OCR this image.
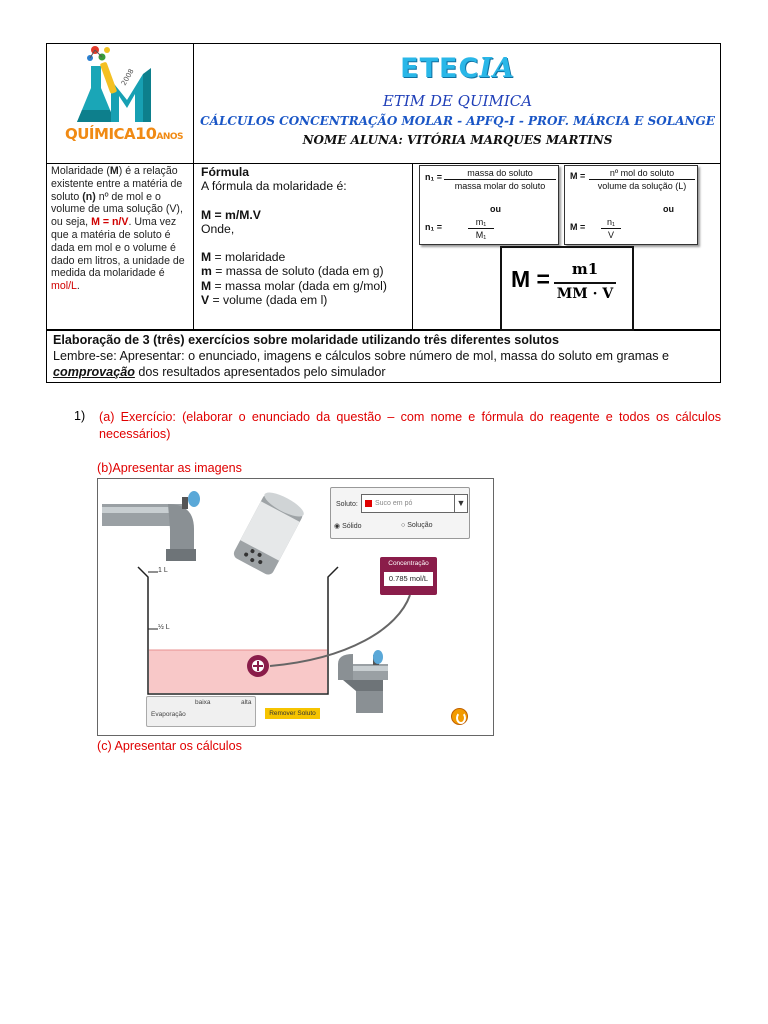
2008
QUÍMICA10ANOS
ETECIA
ETIM DE QUIMICA
CÁLCULOS CONCENTRAÇÃO MOLAR - APFQ-I - PROF. MÁRCIA E SOLANGE
NOME ALUNA: VITÓRIA MARQUES MARTINS
Molaridade (M) é a relação existente entre a matéria de soluto (n) nº de mol e o volume de uma solução (V), ou seja, M = n/V. Uma vez que a matéria de soluto é dada em mol e o volume é dado em litros, a unidade de medida da molaridade é mol/L.
Fórmula
A fórmula da molaridade é:
M = m/M.V
Onde,
M = molaridade
m = massa de soluto (dada em g)
M = massa molar (dada em g/mol)
V = volume (dada em l)
n₁ =	massa do soluto
massa molar do soluto
ou
n₁ =	$\frac{\text{m₁}}{\text{M₁}}$
M =	nº mol do soluto
volume da solução (L)
ou
$M = \frac{\text{n₁}}{V}$
M =	m1
MM · V
Elaboração de 3 (três) exercícios sobre molaridade utilizando três diferentes solutos
Lembre-se: Apresentar: o enunciado, imagens e cálculos sobre número de mol, massa do soluto em gramas e
comprovação dos resultados apresentados pelo simulador
1) (a) Exercício: (elaborar o enunciado da questão – com nome e fórmula do reagente e todos os cálculos necessários)
(b)Apresentar as imagens
Soluto: Suco em pó	▼
◉ Sólido	○ Solução
Concentração
0.785 mol/L
1 L
½ L
Evaporação
baixa	alta
Remover Soluto
(c) Apresentar os cálculos
